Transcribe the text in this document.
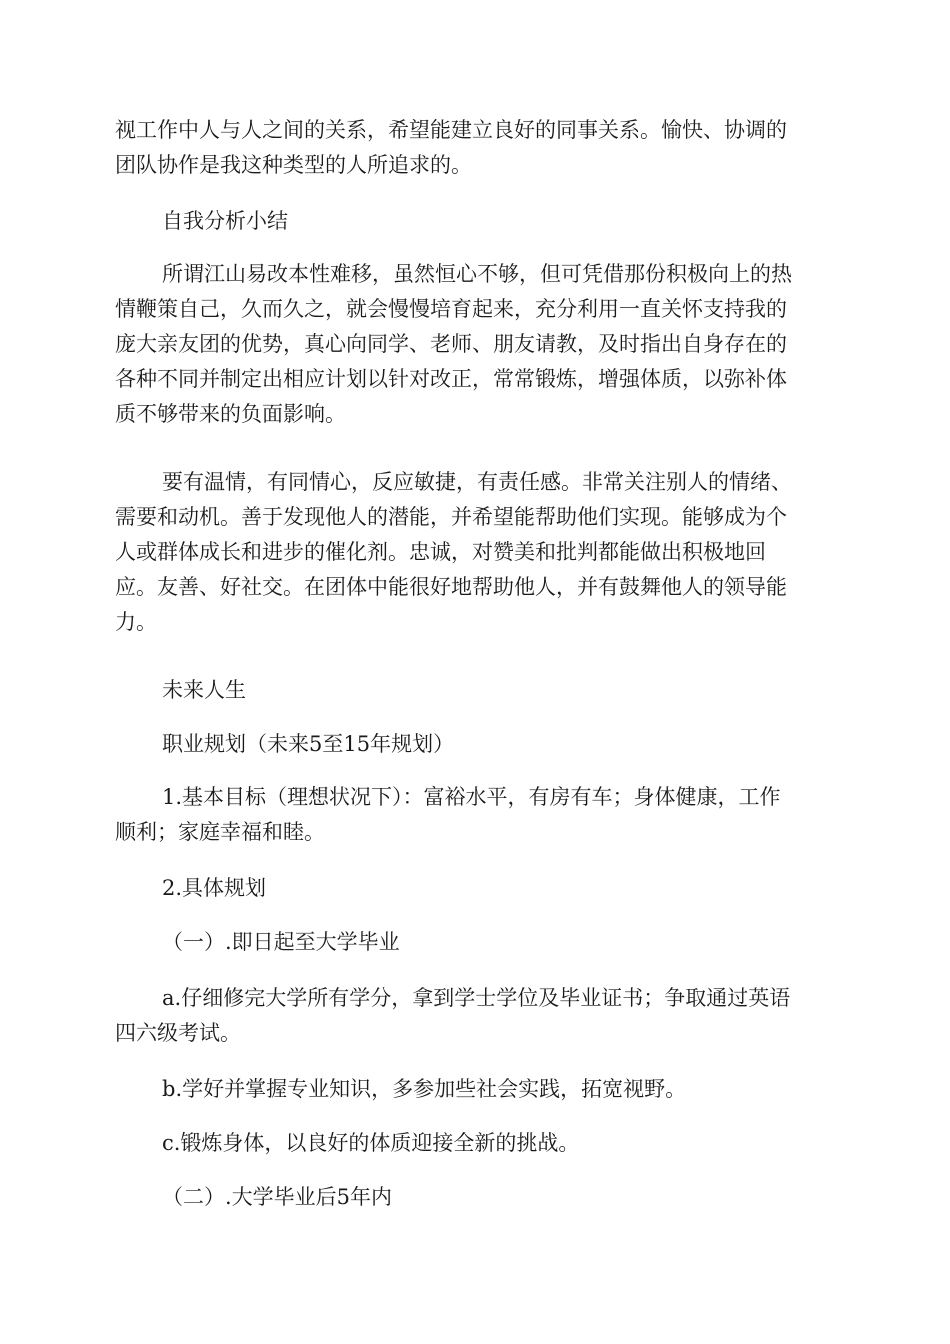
视工作中人与人之间的关系，希望能建立良好的同事关系。愉快、协调的
团队协作是我这种类型的人所追求的。

自我分析小结

所谓江山易改本性难移，虽然恒心不够，但可凭借那份积极向上的热
情鞭策自己，久而久之，就会慢慢培育起来，充分利用一直关怀支持我的
庞大亲友团的优势，真心向同学、老师、朋友请教，及时指出自身存在的
各种不同并制定出相应计划以针对改正，常常锻炼，增强体质，以弥补体
质不够带来的负面影响。

要有温情，有同情心，反应敏捷，有责任感。非常关注别人的情绪、
需要和动机。善于发现他人的潜能，并希望能帮助他们实现。能够成为个
人或群体成长和进步的催化剂。忠诚，对赞美和批判都能做出积极地回
应。友善、好社交。在团体中能很好地帮助他人，并有鼓舞他人的领导能
力。

未来人生

职业规划（未来5至15年规划）

1.基本目标（理想状况下）：富裕水平，有房有车；身体健康，工作
顺利；家庭幸福和睦。

2.具体规划

（一）.即日起至大学毕业

a.仔细修完大学所有学分，拿到学士学位及毕业证书；争取通过英语
四六级考试。

b.学好并掌握专业知识，多参加些社会实践，拓宽视野。

c.锻炼身体，以良好的体质迎接全新的挑战。

（二）.大学毕业后5年内
